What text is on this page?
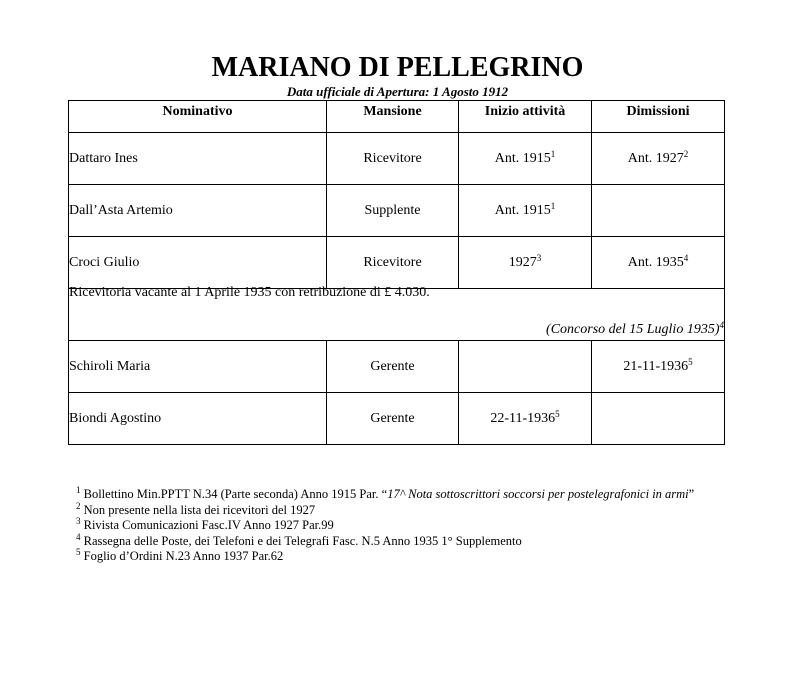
MARIANO DI PELLEGRINO
Data ufficiale di Apertura: 1 Agosto 1912
Nominativo	Mansione	Inizio attività	Dimissioni
Dattaro Ines	Ricevitore	Ant. 1915$^1$	Ant. 1927$^2$
Dall’Asta Artemio	Supplente	Ant. 1915$^1$	
Croci Giulio	Ricevitore	1927$^3$	Ant. 1935$^4$

Ricevitoria vacante al 1 Aprile 1935 con retribuzione di £ 4.030.
(Concorso del 15 Luglio 1935)$^4$

Schiroli Maria	Gerente		21-11-1936$^5$
Biondi Agostino	Gerente	22-11-1936$^5$	

$^1$ Bollettino Min.PPTT N.34 (Parte seconda) Anno 1915 Par. “17^ Nota sottoscrittori soccorsi per postelegrafonici in armi”

$^2$ Non presente nella lista dei ricevitori del 1927

$^3$ Rivista Comunicazioni Fasc.IV Anno 1927 Par.99

$^4$ Rassegna delle Poste, dei Telefoni e dei Telegrafi Fasc. N.5 Anno 1935 1° Supplemento

$^5$ Foglio d’Ordini N.23 Anno 1937 Par.62
